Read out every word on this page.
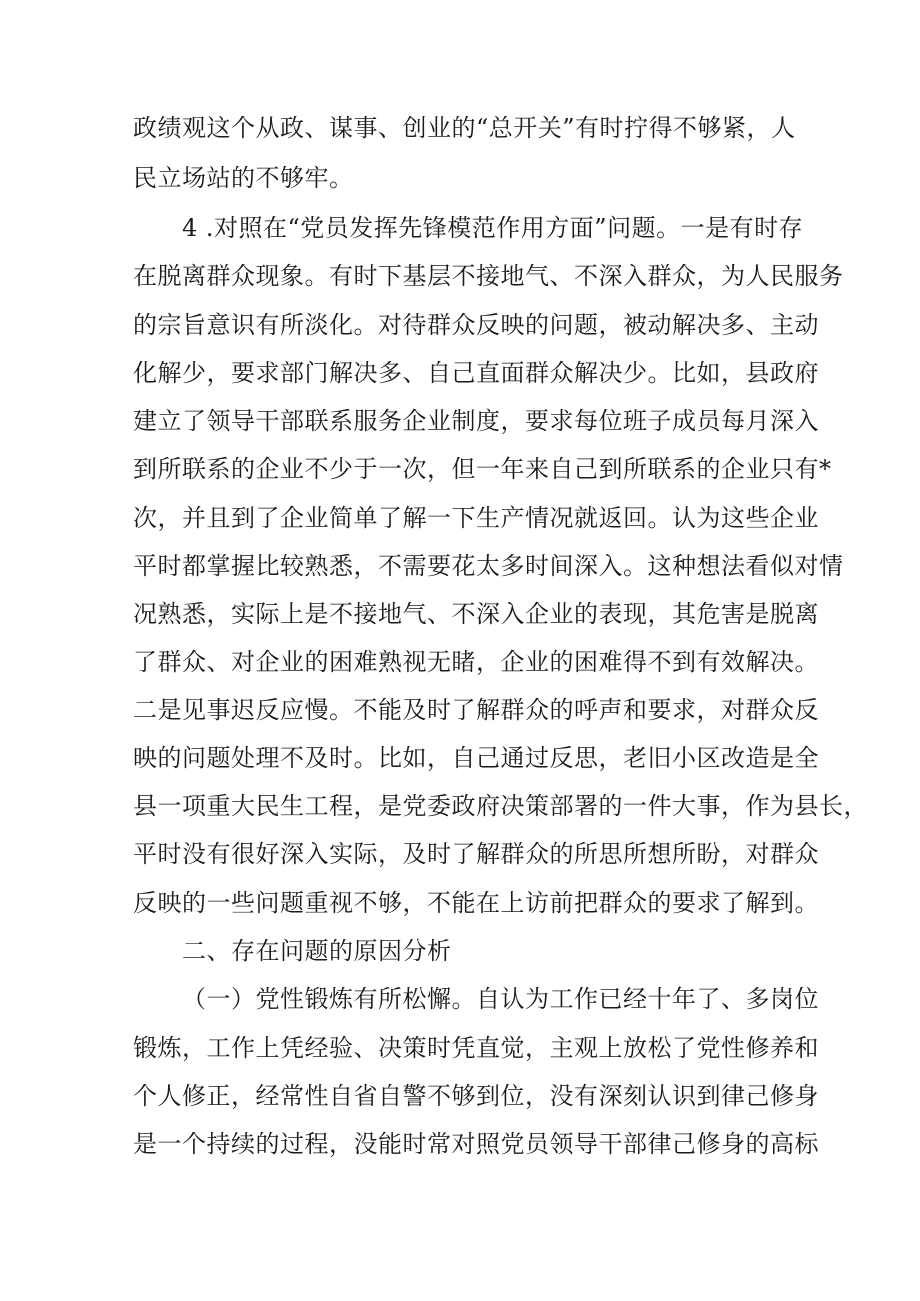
政绩观这个从政、谋事、创业的“总开关”有时拧得不够紧，人
民立场站的不够牢。
4 .对照在“党员发挥先锋模范作用方面”问题。一是有时存
在脱离群众现象。有时下基层不接地气、不深入群众，为人民服务
的宗旨意识有所淡化。对待群众反映的问题，被动解决多、主动
化解少，要求部门解决多、自己直面群众解决少。比如，县政府
建立了领导干部联系服务企业制度，要求每位班子成员每月深入
到所联系的企业不少于一次，但一年来自己到所联系的企业只有*
次，并且到了企业简单了解一下生产情况就返回。认为这些企业
平时都掌握比较熟悉，不需要花太多时间深入。这种想法看似对情
况熟悉，实际上是不接地气、不深入企业的表现，其危害是脱离
了群众、对企业的困难熟视无睹，企业的困难得不到有效解决。
二是见事迟反应慢。不能及时了解群众的呼声和要求，对群众反
映的问题处理不及时。比如，自己通过反思，老旧小区改造是全
县一项重大民生工程，是党委政府决策部署的一件大事，作为县长，
平时没有很好深入实际，及时了解群众的所思所想所盼，对群众
反映的一些问题重视不够，不能在上访前把群众的要求了解到。
二、存在问题的原因分析
（一）党性锻炼有所松懈。自认为工作已经十年了、多岗位
锻炼，工作上凭经验、决策时凭直觉，主观上放松了党性修养和
个人修正，经常性自省自警不够到位，没有深刻认识到律己修身
是一个持续的过程，没能时常对照党员领导干部律己修身的高标
